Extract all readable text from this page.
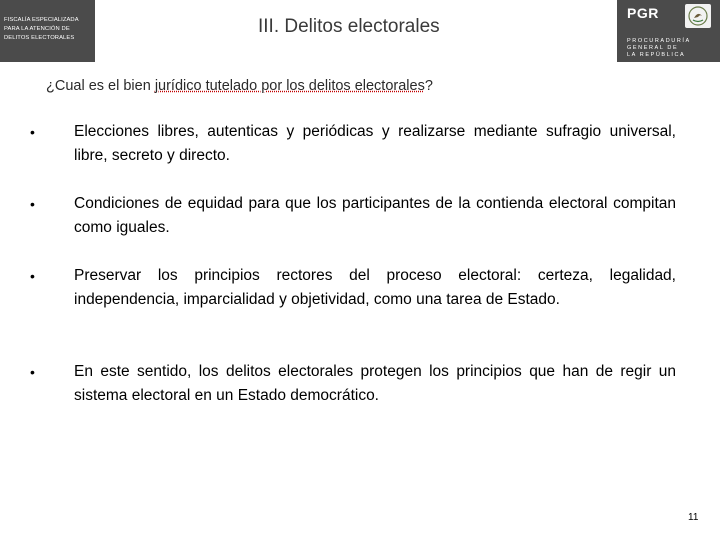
FISCALÍA ESPECIALIZADA
PARA LA ATENCIÓN DE
DELITOS ELECTORALES
III. Delitos electorales
PGR
PROCURADURÍA
GENERAL DE
LA REPÚBLICA
¿Cual es el bien jurídico tutelado por los delitos electorales?
•	Elecciones libres, autenticas y periódicas y realizarse mediante sufragio universal, libre, secreto y directo.
•	Condiciones de equidad para que los participantes de la contienda electoral compitan como iguales.
•	Preservar los principios rectores del proceso electoral: certeza, legalidad, independencia, imparcialidad y objetividad, como una tarea de Estado.
•	En este sentido, los delitos electorales protegen los principios que han de regir un sistema electoral en un Estado democrático.
11
